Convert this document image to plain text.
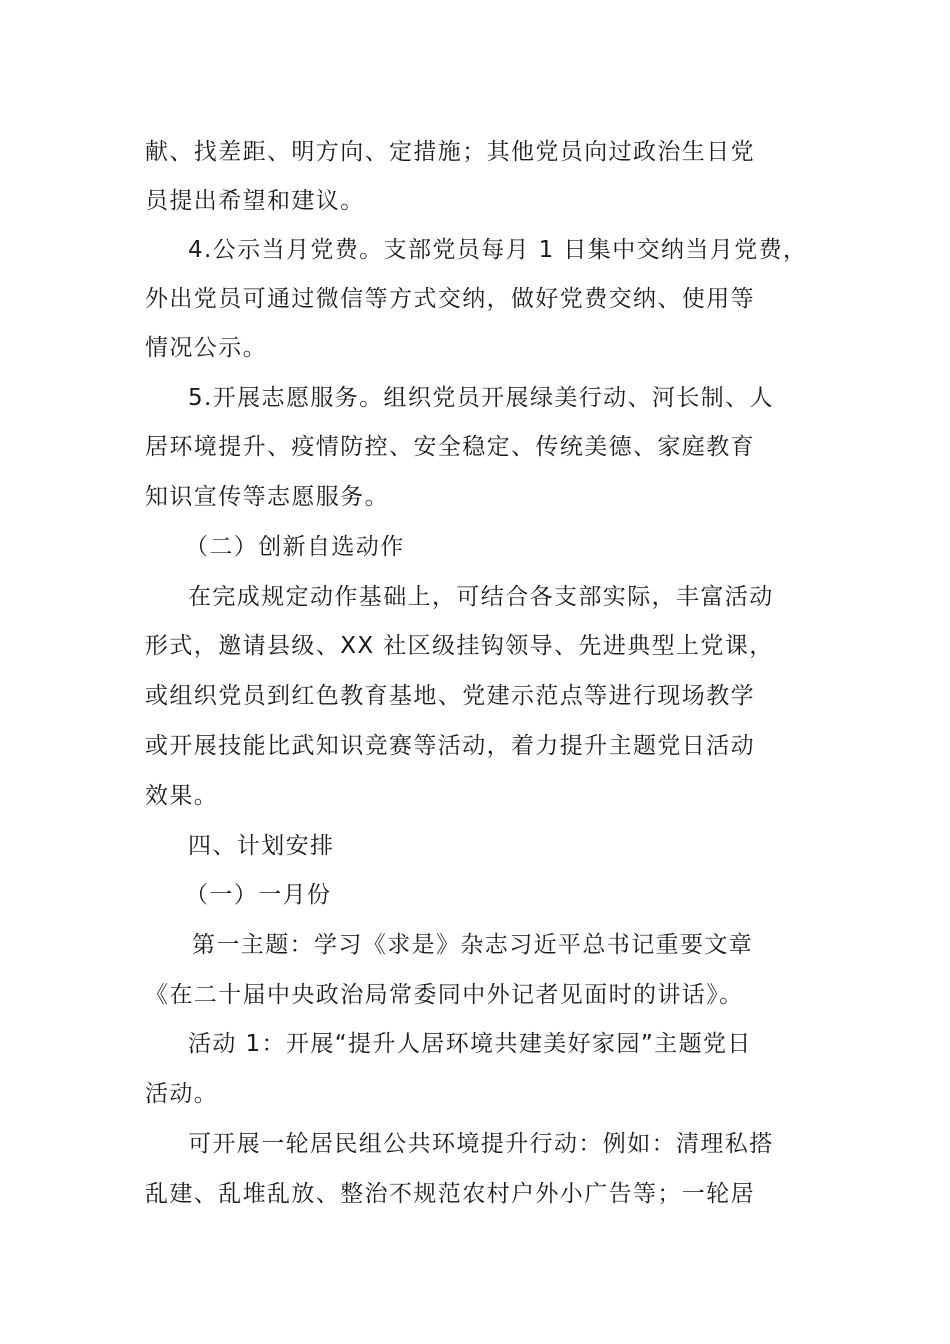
献、找差距、明方向、定措施；其他党员向过政治生日党

员提出希望和建议。

4.公示当月党费。支部党员每月 1 日集中交纳当月党费，

外出党员可通过微信等方式交纳，做好党费交纳、使用等

情况公示。

5.开展志愿服务。组织党员开展绿美行动、河长制、人

居环境提升、疫情防控、安全稳定、传统美德、家庭教育

知识宣传等志愿服务。

（二）创新自选动作

在完成规定动作基础上，可结合各支部实际，丰富活动

形式，邀请县级、XX 社区级挂钩领导、先进典型上党课，

或组织党员到红色教育基地、党建示范点等进行现场教学

或开展技能比武知识竞赛等活动，着力提升主题党日活动

效果。

四、计划安排

（一）一月份

第一主题：学习《求是》杂志习近平总书记重要文章

《在二十届中央政治局常委同中外记者见面时的讲话》。

活动 1：开展“提升人居环境共建美好家园”主题党日

活动。

可开展一轮居民组公共环境提升行动：例如：清理私搭

乱建、乱堆乱放、整治不规范农村户外小广告等；一轮居
